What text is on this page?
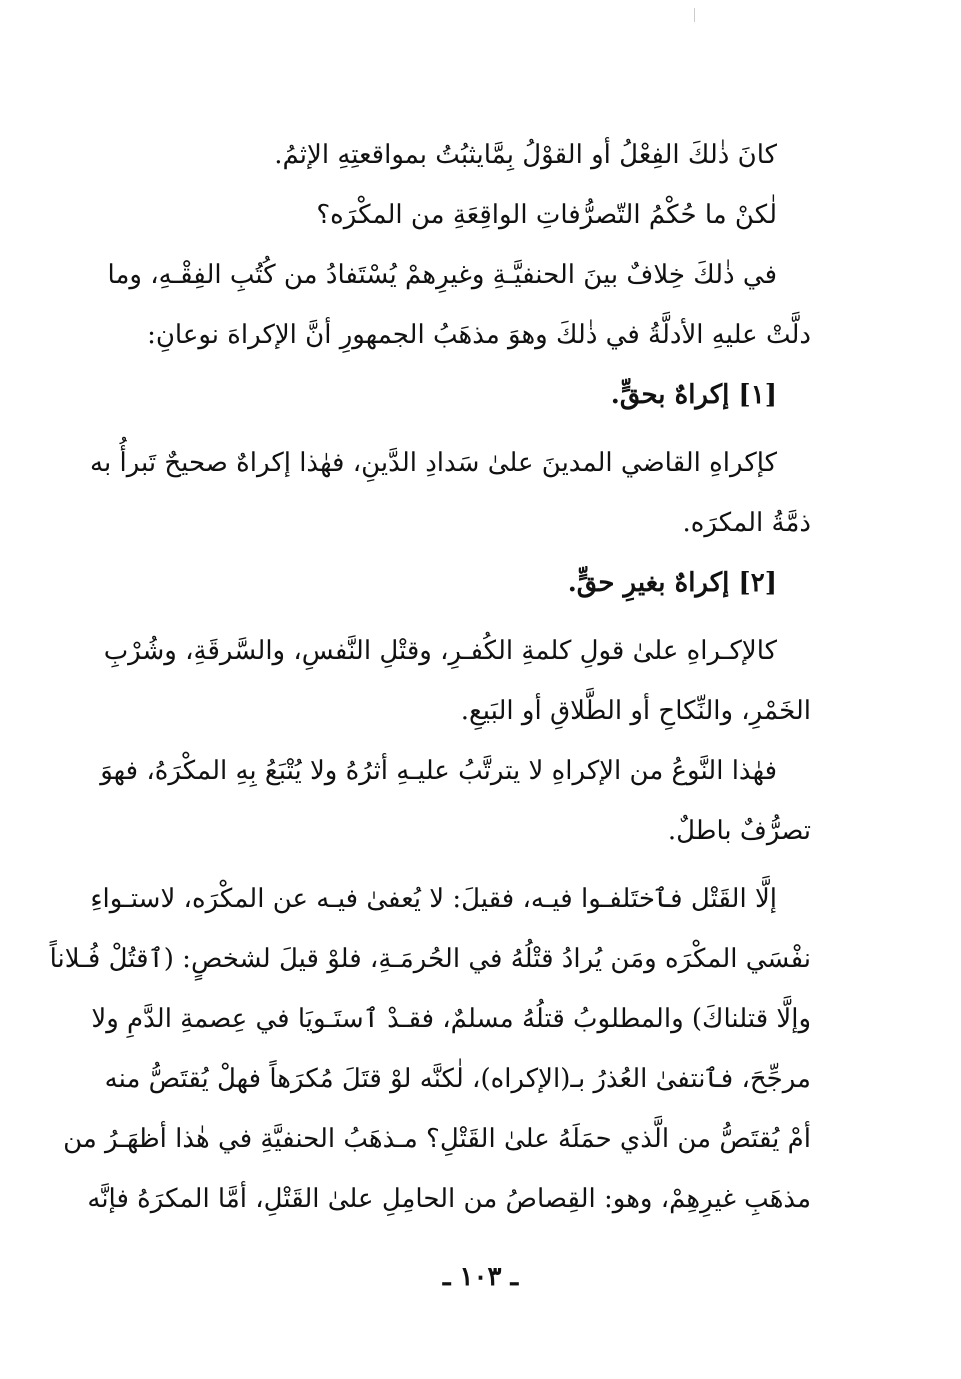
كانَ ذٰلكَ الفِعْلُ أو القوْلُ بِمَّايثبُتُ بمواقعتِهِ الإثمُ.
لٰكنْ ما حُكْمُ التّصرُّفاتِ الواقِعَةِ من المكْرَه؟
في ذٰلكَ خِلافٌ بينَ الحنفيَّـةِ وغيرِهمْ يُسْتَفادُ من كُتُبِ الفِقْـهِ، وما
دلَّتْ عليهِ الأدلَّةُ في ذٰلكَ وهوَ مذهَبُ الجمهورِ أنَّ الإكراهَ نوعانِ:
[١] إكراهٌ بحقٍّ.
كإكراهِ القاضي المدينَ علىٰ سَدادِ الدَّينِ، فهٰذا إكراهٌ صحيحٌ تَبرأُ به
ذمَّةُ المكرَه.
[٢] إكراهٌ بغيرِ حقٍّ.
كالإكـراهِ علىٰ قولِ كلمةِ الكُفـرِ، وقتْلِ النَّفسِ، والسَّرقَةِ، وشُرْبِ
الخَمْرِ، والنِّكاحِ أو الطَّلاقِ أو البَيعِ.
فهٰذا النَّوعُ من الإكراهِ لا يترتَّبُ عليـهِ أثرُهُ ولا يُتْبَعُ بِهِ المكْرَهُ، فهوَ
تصرُّفٌ باطلٌ.
إلَّا القَتْل فٱختَلفـوا فيـه، فقيلَ: لا يُعفىٰ فيـه عن المكْرَه، لاستـواءِ
نفْسَي المكْرَه ومَن يُرادُ قتْلُهُ في الحُرمَـةِ، فلوْ قيلَ لشخصٍ: (ٱقتُلْ فُـلاناً
وإلَّا قتلناكَ) والمطلوبُ قتلُهُ مسلمٌ، فقـدْ ٱستَـويَا في عِصمةِ الدَّمِ ولا
مرجِّحَ، فٱنتفىٰ العُذرُ بـ(الإكراه)، لٰكنَّه لوْ قتَلَ مُكرَهاً فهلْ يُقتَصُّ منه
أمْ يُقتَصُّ من الَّذي حمَلَهُ علىٰ القَتْلِ؟ مـذهَبُ الحنفيَّةِ في هٰذا أظهَـرُ من
مذهَبِ غيرِهِمْ، وهو: القِصاصُ من الحامِلِ علىٰ القَتْلِ، أمَّا المكرَهُ فإنَّه
ـ ١٠٣ ـ
